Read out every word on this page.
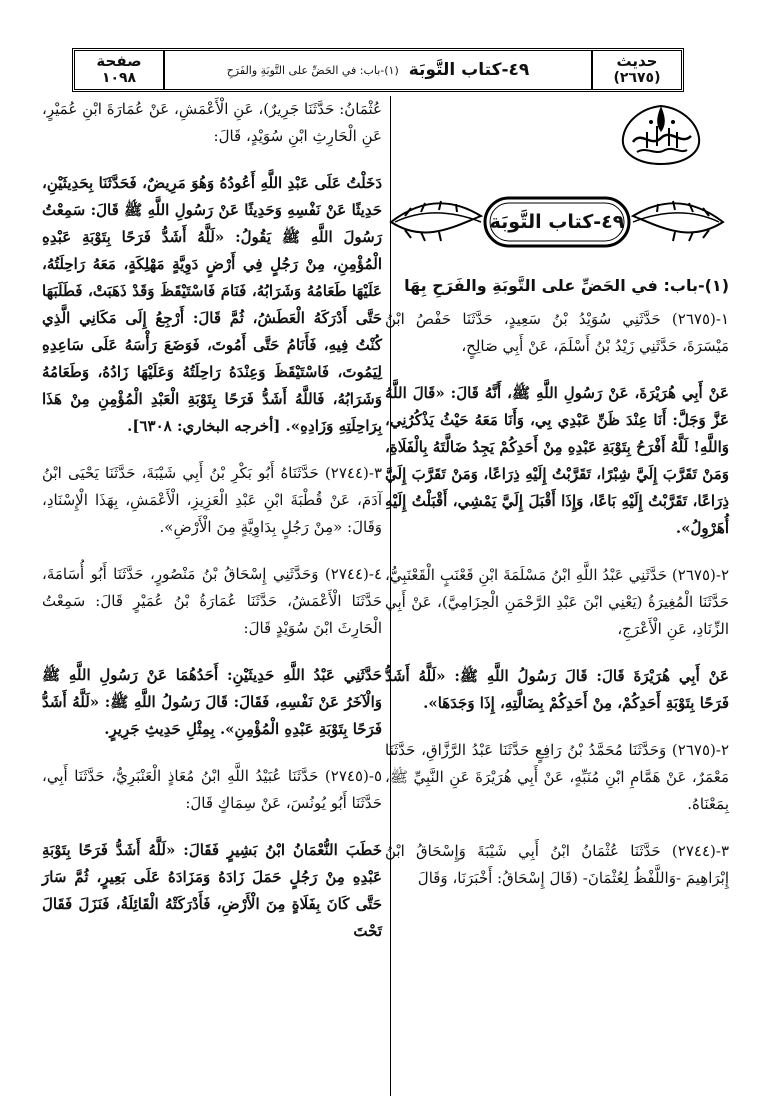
حديث
(٢٦٧٥)
٤٩-كتاب التَّوبَة
(١)-باب: في الحَضِّ على التَّوبَةِ والفَرَحِ
صفحة
١٠٩٨
٤٩-كتاب التَّوبَة
(١)-باب: في الحَضِّ على التَّوبَةِ والفَرَحِ بِهَا

١-(٢٦٧٥) حَدَّثَنِي سُوَيْدُ بْنُ سَعِيدٍ، حَدَّثَنَا حَفْصُ ابْنُ مَيْسَرَةَ، حَدَّثَنِي زَيْدُ بْنُ أَسْلَمَ، عَنْ أَبِي صَالِحٍ،

عَنْ أَبِي هُرَيْرَةَ، عَنْ رَسُولِ اللَّهِ ﷺ، أَنَّهُ قَالَ: «قَالَ اللَّهُ عَزَّ وَجَلَّ: أَنَا عِنْدَ ظَنِّ عَبْدِي بِي، وَأَنَا مَعَهُ حَيْثُ يَذْكُرُنِي، وَاللَّهِ! لَلَّهُ أَفْرَحُ بِتَوْبَةِ عَبْدِهِ مِنْ أَحَدِكُمْ يَجِدُ ضَالَّتَهُ بِالْفَلَاةِ، وَمَنْ تَقَرَّبَ إِلَيَّ شِبْرًا، تَقَرَّبْتُ إِلَيْهِ ذِرَاعًا، وَمَنْ تَقَرَّبَ إِلَيَّ ذِرَاعًا، تَقَرَّبْتُ إِلَيْهِ بَاعًا، وَإِذَا أَقْبَلَ إِلَيَّ يَمْشِي، أَقْبَلْتُ إِلَيْهِ أُهَرْوِلُ».

٢-(٢٦٧٥) حَدَّثَنِي عَبْدُ اللَّهِ ابْنُ مَسْلَمَةَ ابْنِ قَعْنَبٍ الْقَعْنَبِيُّ، حَدَّثَنَا الْمُغِيرَةُ (يَعْنِي ابْنَ عَبْدِ الرَّحْمَنِ الْحِزَامِيَّ)، عَنْ أَبِي الزِّنَادِ، عَنِ الْأَعْرَجِ،

عَنْ أَبِي هُرَيْرَةَ قَالَ: قَالَ رَسُولُ اللَّهِ ﷺ: «لَلَّهُ أَشَدُّ فَرَحًا بِتَوْبَةِ أَحَدِكُمْ، مِنْ أَحَدِكُمْ بِضَالَّتِهِ، إِذَا وَجَدَهَا».

٢-(٢٦٧٥) وَحَدَّثَنَا مُحَمَّدُ بْنُ رَافِعٍ حَدَّثَنَا عَبْدُ الرَّزَّاقِ، حَدَّثَنَا مَعْمَرٌ، عَنْ هَمَّامِ ابْنِ مُنَبِّهٍ، عَنْ أَبِي هُرَيْرَةَ عَنِ النَّبِيِّ ﷺ، بِمَعْنَاهُ.

٣-(٢٧٤٤) حَدَّثَنَا عُثْمَانُ ابْنُ أَبِي شَيْبَةَ وَإِسْحَاقُ ابْنُ إِبْرَاهِيمَ -وَاللَّفْظُ لِعُثْمَانَ- (قَالَ إِسْحَاقُ: أَخْبَرَنَا، وَقَالَ

عُثْمَانُ: حَدَّثَنَا جَرِيرٌ)، عَنِ الْأَعْمَشِ، عَنْ عُمَارَةَ ابْنِ عُمَيْرٍ، عَنِ الْحَارِثِ ابْنِ سُوَيْدٍ، قَالَ:

دَخَلْتُ عَلَى عَبْدِ اللَّهِ أَعُودُهُ وَهُوَ مَرِيضٌ، فَحَدَّثَنَا بِحَدِيثَيْنِ، حَدِيثًا عَنْ نَفْسِهِ وَحَدِيثًا عَنْ رَسُولِ اللَّهِ ﷺ قَالَ: سَمِعْتُ رَسُولَ اللَّهِ ﷺ يَقُولُ: «لَلَّهُ أَشَدُّ فَرَحًا بِتَوْبَةِ عَبْدِهِ الْمُؤْمِنِ، مِنْ رَجُلٍ فِي أَرْضٍ دَوِيَّةٍ مَهْلِكَةٍ، مَعَهُ رَاحِلَتُهُ، عَلَيْهَا طَعَامُهُ وَشَرَابُهُ، فَنَامَ فَاسْتَيْقَظَ وَقَدْ ذَهَبَتْ، فَطَلَبَهَا حَتَّى أَدْرَكَهُ الْعَطَشُ، ثُمَّ قَالَ: أَرْجِعُ إِلَى مَكَانِي الَّذِي كُنْتُ فِيهِ، فَأَنَامُ حَتَّى أَمُوتَ، فَوَضَعَ رَأْسَهُ عَلَى سَاعِدِهِ لِيَمُوتَ، فَاسْتَيْقَظَ وَعِنْدَهُ رَاحِلَتُهُ وَعَلَيْهَا زَادُهُ، وَطَعَامُهُ وَشَرَابُهُ، فَاللَّهُ أَشَدُّ فَرَحًا بِتَوْبَةِ الْعَبْدِ الْمُؤْمِنِ مِنْ هَذَا بِرَاحِلَتِهِ وَزَادِهِ». [أخرجه البخاري: ٦٣٠٨].

٣-(٢٧٤٤) حَدَّثَنَاهُ أَبُو بَكْرِ بْنُ أَبِي شَيْبَةَ، حَدَّثَنَا يَحْيَى ابْنُ آدَمَ، عَنْ قُطْبَةَ ابْنِ عَبْدِ الْعَزِيزِ، الْأَعْمَشِ، بِهَذَا الْإِسْنَادِ، وَقَالَ: «مِنْ رَجُلٍ بِدَاوِيَّةٍ مِنَ الْأَرْضِ».

٤-(٢٧٤٤) وَحَدَّثَنِي إِسْحَاقُ بْنُ مَنْصُورٍ، حَدَّثَنَا أَبُو أُسَامَةَ، حَدَّثَنَا الْأَعْمَشُ، حَدَّثَنَا عُمَارَةُ بْنُ عُمَيْرٍ قَالَ: سَمِعْتُ الْحَارِثَ ابْنَ سُوَيْدٍ قَالَ:

حَدَّثَنِي عَبْدُ اللَّهِ حَدِيثَيْنِ: أَحَدُهُمَا عَنْ رَسُولِ اللَّهِ ﷺ وَالْآخَرُ عَنْ نَفْسِهِ، فَقَالَ: قَالَ رَسُولُ اللَّهِ ﷺ: «لَلَّهُ أَشَدُّ فَرَحًا بِتَوْبَةِ عَبْدِهِ الْمُؤْمِنِ». بِمِثْلِ حَدِيثِ جَرِيرٍ.

٥-(٢٧٤٥) حَدَّثَنَا عُبَيْدُ اللَّهِ ابْنُ مُعَاذٍ الْعَنْبَرِيُّ، حَدَّثَنَا أَبِي، حَدَّثَنَا أَبُو يُونُسَ، عَنْ سِمَاكٍ قَالَ:

خَطَبَ النُّعْمَانُ ابْنُ بَشِيرٍ فَقَالَ: «لَلَّهُ أَشَدُّ فَرَحًا بِتَوْبَةِ عَبْدِهِ مِنْ رَجُلٍ حَمَلَ زَادَهُ وَمَزَادَهُ عَلَى بَعِيرٍ، ثُمَّ سَارَ حَتَّى كَانَ بِفَلَاةٍ مِنَ الْأَرْضِ، فَأَدْرَكَتْهُ الْقَائِلَةُ، فَنَزَلَ فَقَالَ تَحْتَ
